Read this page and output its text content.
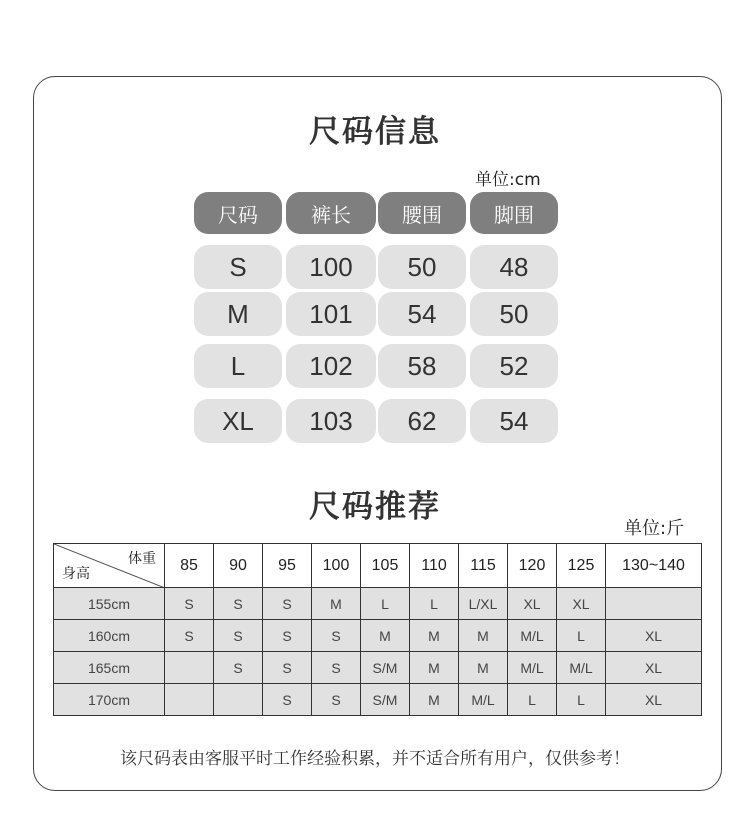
尺码信息
单位:cm
尺码	裤长	腰围	脚围
S	100	50	48
M	101	54	50
L	102	58	52
XL	103	62	54
尺码推荐
单位:斤
体重
身高	85	90	95	100	105	110	115	120	125	130~140
155cm	S	S	S	M	L	L	L/XL	XL	XL	
160cm	S	S	S	S	M	M	M	M/L	L	XL
165cm		S	S	S	S/M	M	M	M/L	M/L	XL
170cm			S	S	S/M	M	M/L	L	L	XL
该尺码表由客服平时工作经验积累，并不适合所有用户，仅供参考！
